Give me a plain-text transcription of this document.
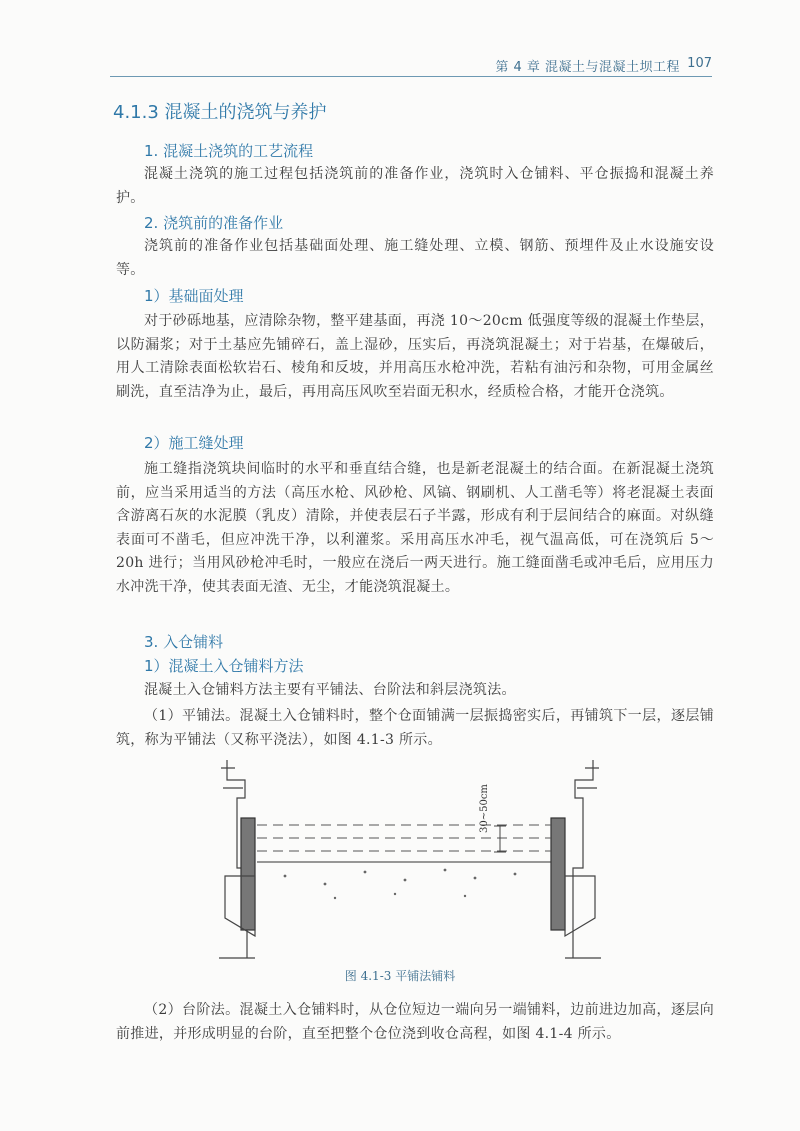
第 4 章 混凝土与混凝土坝工程 107
4.1.3 混凝土的浇筑与养护
1. 混凝土浇筑的工艺流程
混凝土浇筑的施工过程包括浇筑前的准备作业，浇筑时入仓铺料、平仓振捣和混凝土养护。
2. 浇筑前的准备作业
浇筑前的准备作业包括基础面处理、施工缝处理、立模、钢筋、预埋件及止水设施安设等。
1）基础面处理
对于砂砾地基，应清除杂物，整平建基面，再浇 10～20cm 低强度等级的混凝土作垫层，以防漏浆；对于土基应先铺碎石，盖上湿砂，压实后，再浇筑混凝土；对于岩基，在爆破后，用人工清除表面松软岩石、棱角和反坡，并用高压水枪冲洗，若粘有油污和杂物，可用金属丝刷洗，直至洁净为止，最后，再用高压风吹至岩面无积水，经质检合格，才能开仓浇筑。
2）施工缝处理
施工缝指浇筑块间临时的水平和垂直结合缝，也是新老混凝土的结合面。在新混凝土浇筑前，应当采用适当的方法（高压水枪、风砂枪、风镐、钢刷机、人工凿毛等）将老混凝土表面含游离石灰的水泥膜（乳皮）清除，并使表层石子半露，形成有利于层间结合的麻面。对纵缝表面可不凿毛，但应冲洗干净，以利灌浆。采用高压水冲毛，视气温高低，可在浇筑后 5～20h 进行；当用风砂枪冲毛时，一般应在浇后一两天进行。施工缝面凿毛或冲毛后，应用压力水冲洗干净，使其表面无渣、无尘，才能浇筑混凝土。
3. 入仓铺料
1）混凝土入仓铺料方法
混凝土入仓铺料方法主要有平铺法、台阶法和斜层浇筑法。
（1）平铺法。混凝土入仓铺料时，整个仓面铺满一层振捣密实后，再铺筑下一层，逐层铺筑，称为平铺法（又称平浇法），如图 4.1-3 所示。
30~50cm
图 4.1-3 平铺法铺料
（2）台阶法。混凝土入仓铺料时，从仓位短边一端向另一端铺料，边前进边加高，逐层向前推进，并形成明显的台阶，直至把整个仓位浇到收仓高程，如图 4.1-4 所示。
